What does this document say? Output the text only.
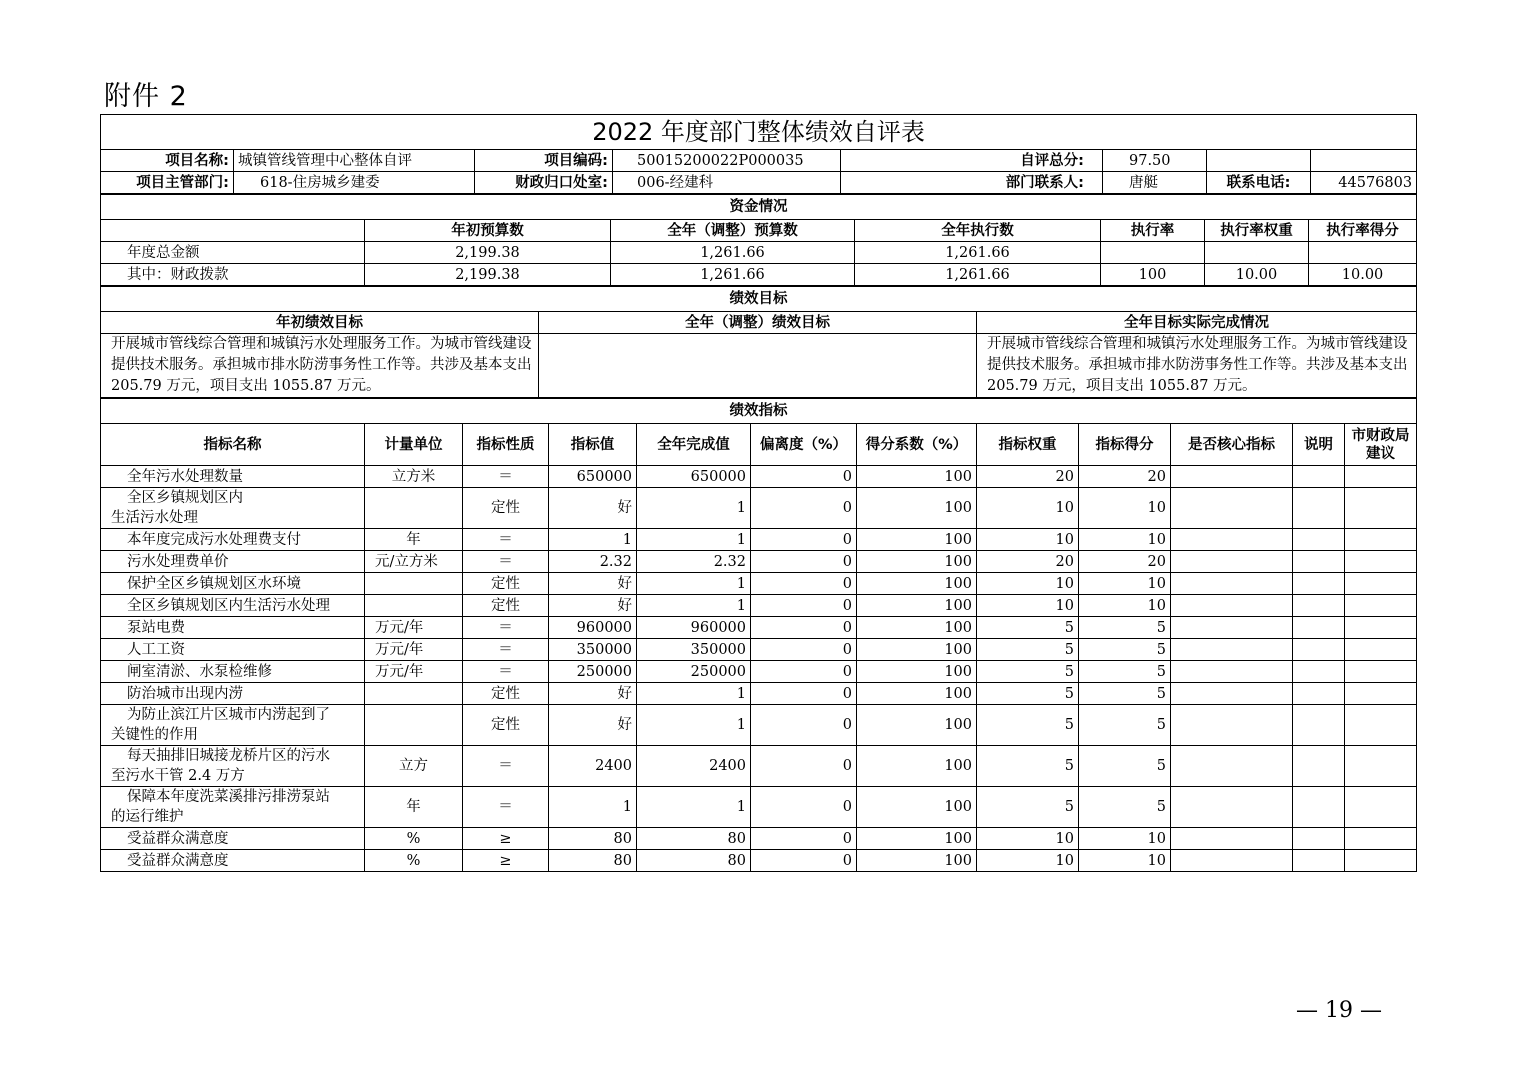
附件 2
2022 年度部门整体绩效自评表							
项目名称:	城镇管线管理中心整体自评	项目编码:	50015200022P000035	自评总分:	97.50		
项目主管部门:	618-住房城乡建委	财政归口处室:	006-经建科	部门联系人:	唐艇	联系电话:	44576803
资金情况						
	年初预算数	全年（调整）预算数	全年执行数	执行率	执行率权重	执行率得分
年度总金额	2,199.38	1,261.66	1,261.66			
其中：财政拨款	2,199.38	1,261.66	1,261.66	100	10.00	10.00
绩效目标		
年初绩效目标	全年（调整）绩效目标	全年目标实际完成情况
开展城市管线综合管理和城镇污水处理服务工作。为城市管线建设提供技术服务。承担城市排水防涝事务性工作等。共涉及基本支出 205.79 万元，项目支出 1055.87 万元。		开展城市管线综合管理和城镇污水处理服务工作。为城市管线建设提供技术服务。承担城市排水防涝事务性工作等。共涉及基本支出 205.79 万元，项目支出 1055.87 万元。
绩效指标											
指标名称	计量单位	指标性质	指标值	全年完成值	偏离度（%）	得分系数（%）	指标权重	指标得分	是否核心指标	说明	市财政局建议
全年污水处理数量	立方米	＝	650000	650000	0	100	20	20			

全区乡镇规划区内
生活污水处理		定性	好	1	0	100	10	10			
本年度完成污水处理费支付	年	＝	1	1	0	100	10	10			
污水处理费单价	元/立方米	＝	2.32	2.32	0	100	20	20			
保护全区乡镇规划区水环境		定性	好	1	0	100	10	10			
全区乡镇规划区内生活污水处理		定性	好	1	0	100	10	10			
泵站电费	万元/年	＝	960000	960000	0	100	5	5			
人工工资	万元/年	＝	350000	350000	0	100	5	5			
闸室清淤、水泵检维修	万元/年	＝	250000	250000	0	100	5	5			
防治城市出现内涝		定性	好	1	0	100	5	5			

为防止滨江片区城市内涝起到了
关键性的作用		定性	好	1	0	100	5	5			

每天抽排旧城接龙桥片区的污水
至污水干管 2.4 万方	立方	＝	2400	2400	0	100	5	5			

保障本年度洗菜溪排污排涝泵站
的运行维护	年	＝	1	1	0	100	5	5			
受益群众满意度	%	≥	80	80	0	100	10	10			
受益群众满意度	%	≥	80	80	0	100	10	10			
— 19 —
